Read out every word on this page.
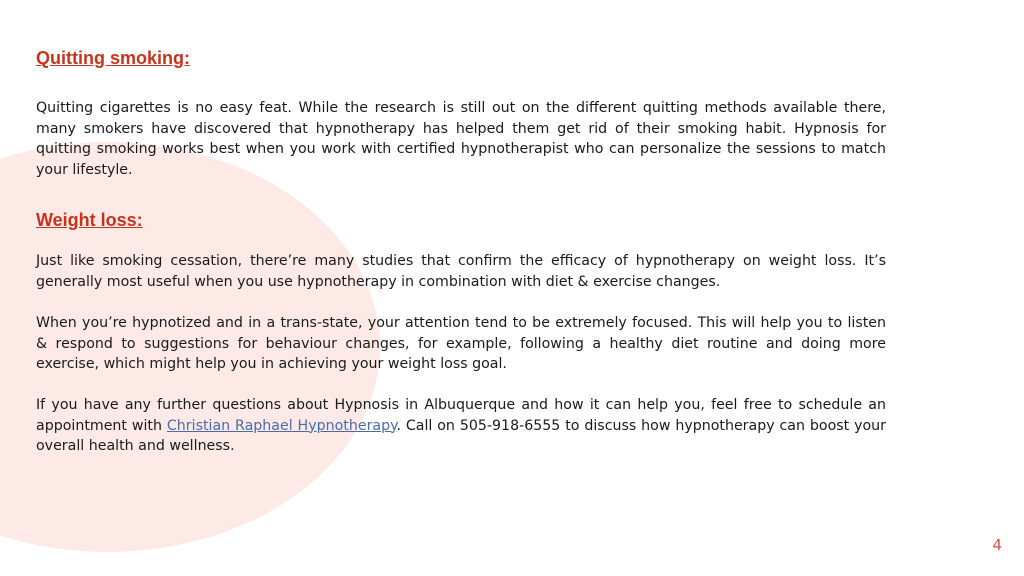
Quitting smoking:

Quitting cigarettes is no easy feat. While the research is still out on the different quitting methods available there, many smokers have discovered that hypnotherapy has helped them get rid of their smoking habit. Hypnosis for quitting smoking works best when you work with certified hypnotherapist who can personalize the sessions to match your lifestyle.

Weight loss:

Just like smoking cessation, there’re many studies that confirm the efficacy of hypnotherapy on weight loss. It’s generally most useful when you use hypnotherapy in combination with diet & exercise changes.

When you’re hypnotized and in a trans-state, your attention tend to be extremely focused. This will help you to listen & respond to suggestions for behaviour changes, for example, following a healthy diet routine and doing more exercise, which might help you in achieving your weight loss goal.

If you have any further questions about Hypnosis in Albuquerque and how it can help you, feel free to schedule an appointment with Christian Raphael Hypnotherapy. Call on 505-918-6555 to discuss how hypnotherapy can boost your overall health and wellness.

4
